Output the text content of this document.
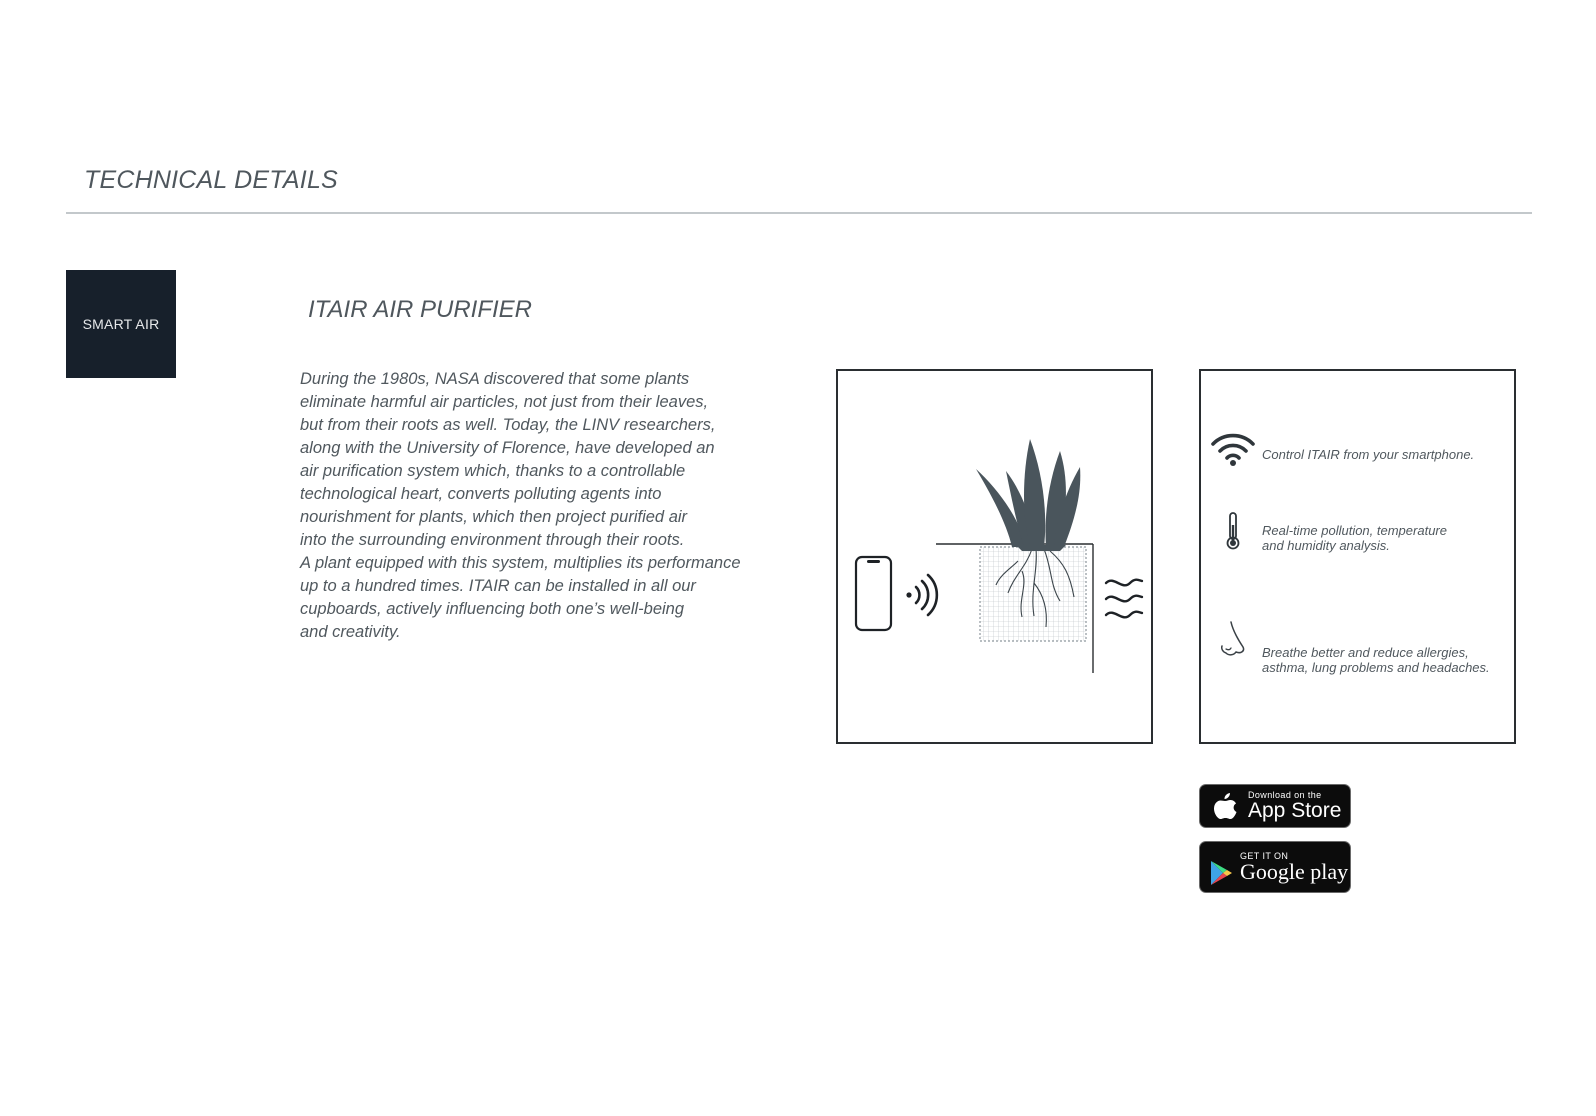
TECHNICAL DETAILS
SMART AIR
ITAIR AIR PURIFIER
During the 1980s, NASA discovered that some plants
eliminate harmful air particles, not just from their leaves,
but from their roots as well. Today, the LINV researchers,
along with the University of Florence, have developed an
air purification system which, thanks to a controllable
technological heart, converts polluting agents into
nourishment for plants, which then project purified air
into the surrounding environment through their roots.
A plant equipped with this system, multiplies its performance
up to a hundred times. ITAIR can be installed in all our
cupboards, actively influencing both one’s well-being
and creativity.
Control ITAIR from your smartphone.
Real-time pollution, temperature
and humidity analysis.
Breathe better and reduce allergies,
asthma, lung problems and headaches.
Download on the
App Store
GET IT ON
Google play
